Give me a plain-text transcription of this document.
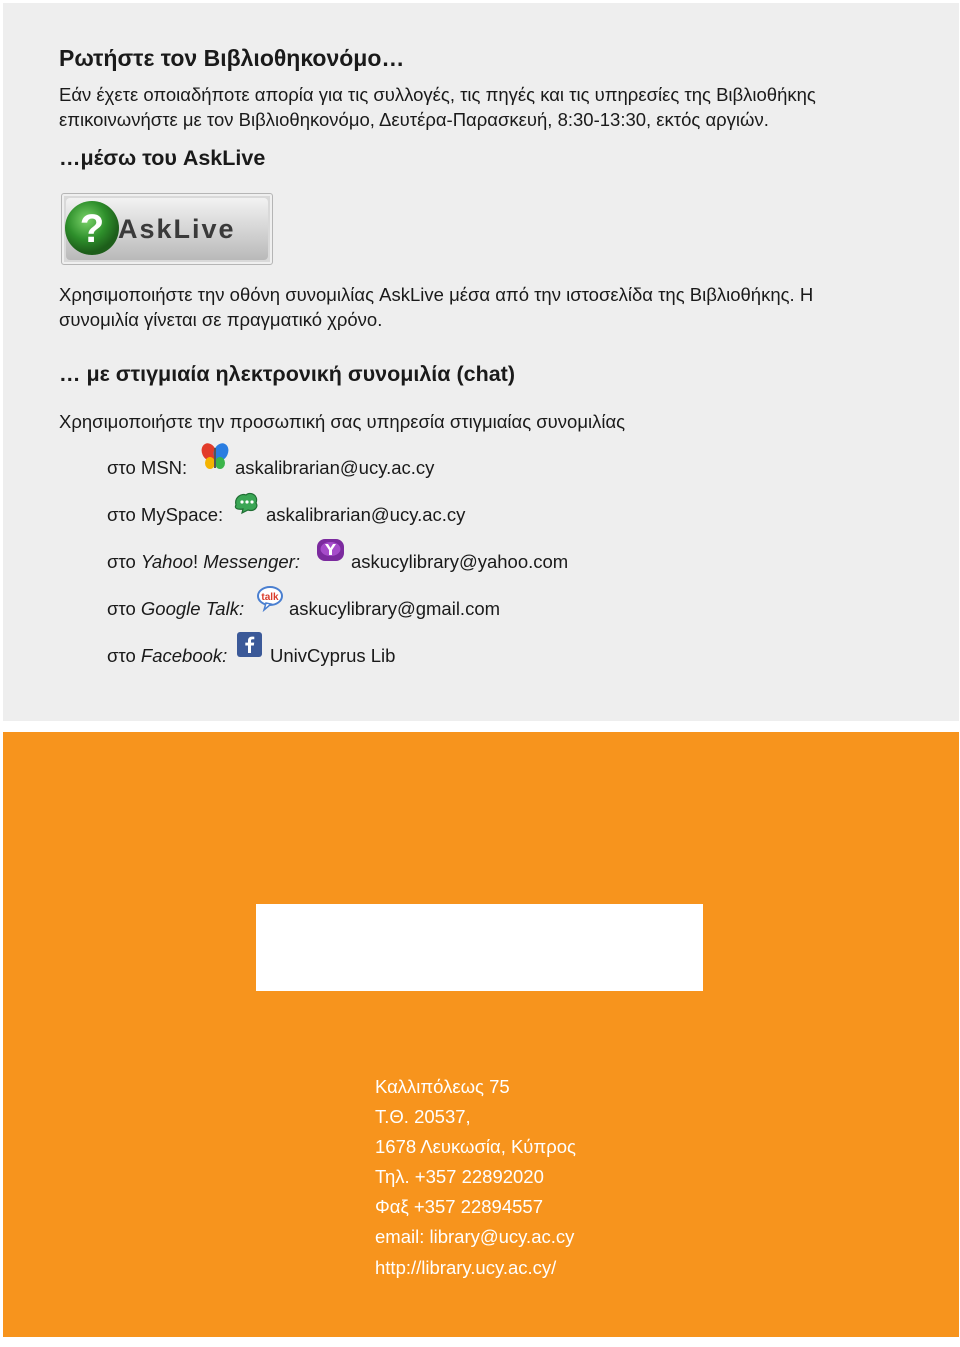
Ρωτήστε τον Βιβλιοθηκονόμο…
Εάν έχετε οποιαδήποτε απορία για τις συλλογές, τις πηγές και τις υπηρεσίες της Βιβλιοθήκης
επικοινωνήστε με τον Βιβλιοθηκονόμο, Δευτέρα-Παρασκευή, 8:30-13:30, εκτός αργιών.
…μέσω του AskLive
? AskLive
Χρησιμοποιήστε την οθόνη συνομιλίας AskLive μέσα από την ιστοσελίδα της Βιβλιοθήκης. Η
συνομιλία γίνεται σε πραγματικό χρόνο.
… με στιγμιαία ηλεκτρονική συνομιλία (chat)
Χρησιμοποιήστε την προσωπική σας υπηρεσία στιγμιαίας συνομιλίας
στο MSN:	askalibrarian@ucy.ac.cy
στο MySpace: askalibrarian@ucy.ac.cy
στο Yahoo! Messenger:	askucylibrary@yahoo.com
στο Google Talk:
talk
askucylibrary@gmail.com
στο Facebook: UnivCyprus Lib
Καλλιπόλεως 75
Τ.Θ. 20537,
1678 Λευκωσία, Κύπρος
Τηλ. +357 22892020
Φαξ +357 22894557
email: library@ucy.ac.cy
http://library.ucy.ac.cy/
